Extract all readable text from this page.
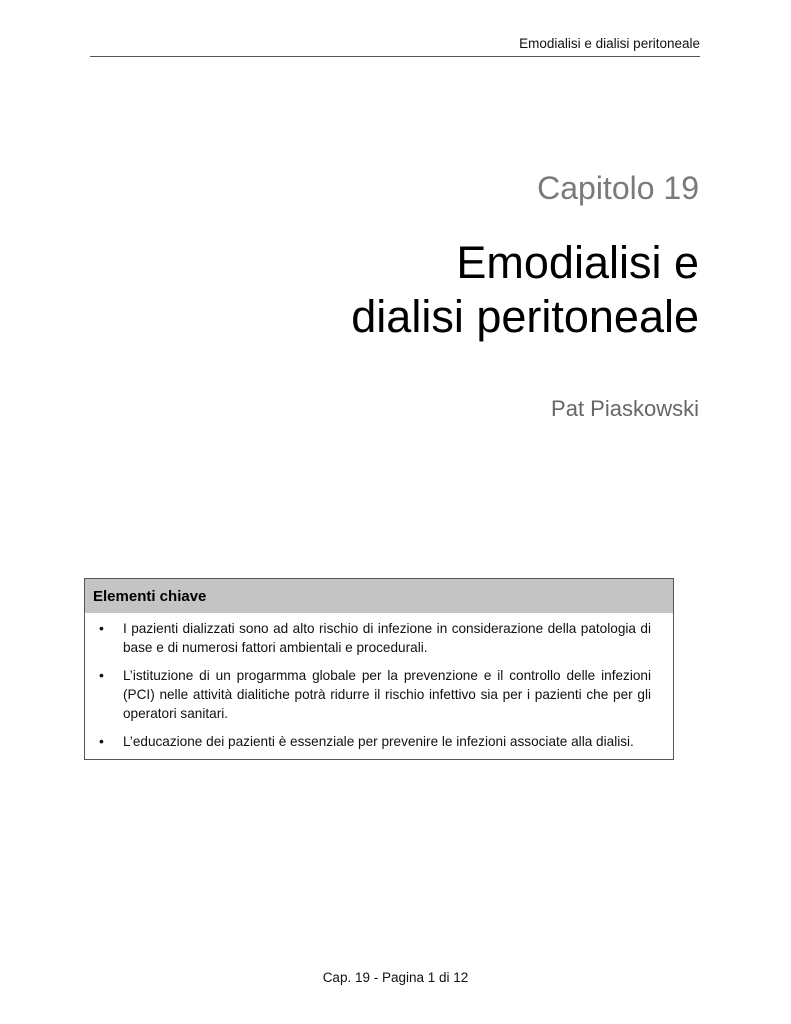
Emodialisi e dialisi peritoneale
Capitolo 19
Emodialisi e
dialisi peritoneale
Pat Piaskowski
Elementi chiave
• I pazienti dializzati sono ad alto rischio di infezione in considerazione della patologia di base e di numerosi fattori ambientali e procedurali.
• L’istituzione di un progarmma globale per la prevenzione e il controllo delle infezioni (PCI) nelle attività dialitiche potrà ridurre il rischio infettivo sia per i pazienti che per gli operatori sanitari.
• L’educazione dei pazienti è essenziale per prevenire le infezioni associate alla dialisi.
Cap. 19 - Pagina 1 di 12
